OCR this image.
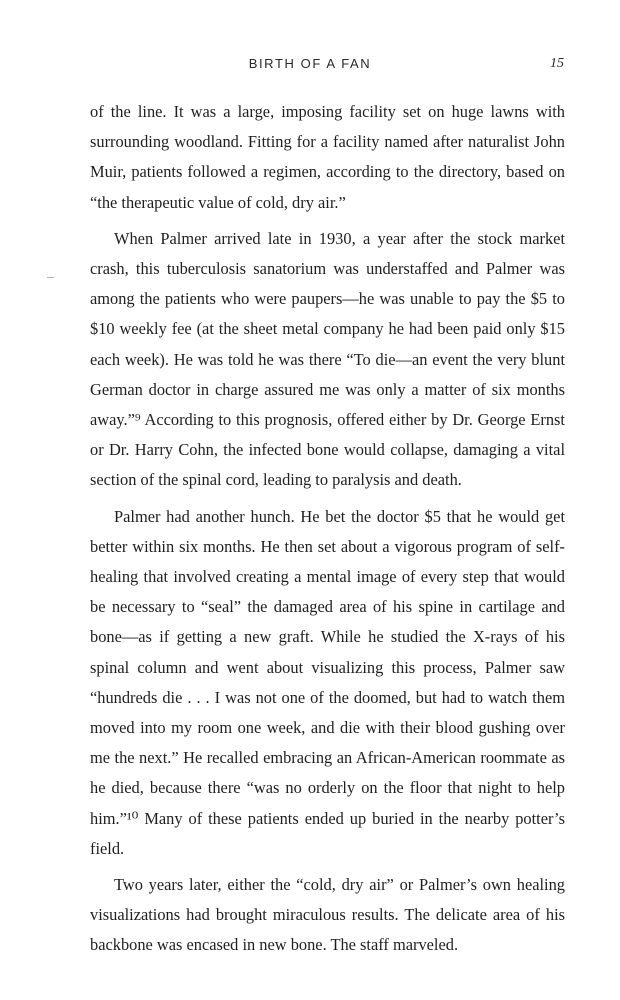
BIRTH OF A FAN	15

of the line. It was a large, imposing facility set on huge lawns with surrounding woodland. Fitting for a facility named after naturalist John Muir, patients followed a regimen, according to the directory, based on “the therapeutic value of cold, dry air.”

When Palmer arrived late in 1930, a year after the stock market crash, this tuberculosis sanatorium was understaffed and Palmer was among the patients who were paupers—he was unable to pay the $5 to $10 weekly fee (at the sheet metal company he had been paid only $15 each week). He was told he was there “To die—an event the very blunt German doctor in charge assured me was only a matter of six months away.”⁹ According to this prognosis, offered either by Dr. George Ernst or Dr. Harry Cohn, the infected bone would collapse, damaging a vital section of the spinal cord, leading to paralysis and death.

Palmer had another hunch. He bet the doctor $5 that he would get better within six months. He then set about a vigorous program of self-healing that involved creating a mental image of every step that would be necessary to “seal” the damaged area of his spine in cartilage and bone—as if getting a new graft. While he studied the X-rays of his spinal column and went about visualizing this process, Palmer saw “hundreds die . . . I was not one of the doomed, but had to watch them moved into my room one week, and die with their blood gushing over me the next.” He recalled embracing an African-American roommate as he died, because there “was no orderly on the floor that night to help him.”¹⁰ Many of these patients ended up buried in the nearby potter’s field.

Two years later, either the “cold, dry air” or Palmer’s own healing visualizations had brought miraculous results. The delicate area of his backbone was encased in new bone. The staff marveled.
